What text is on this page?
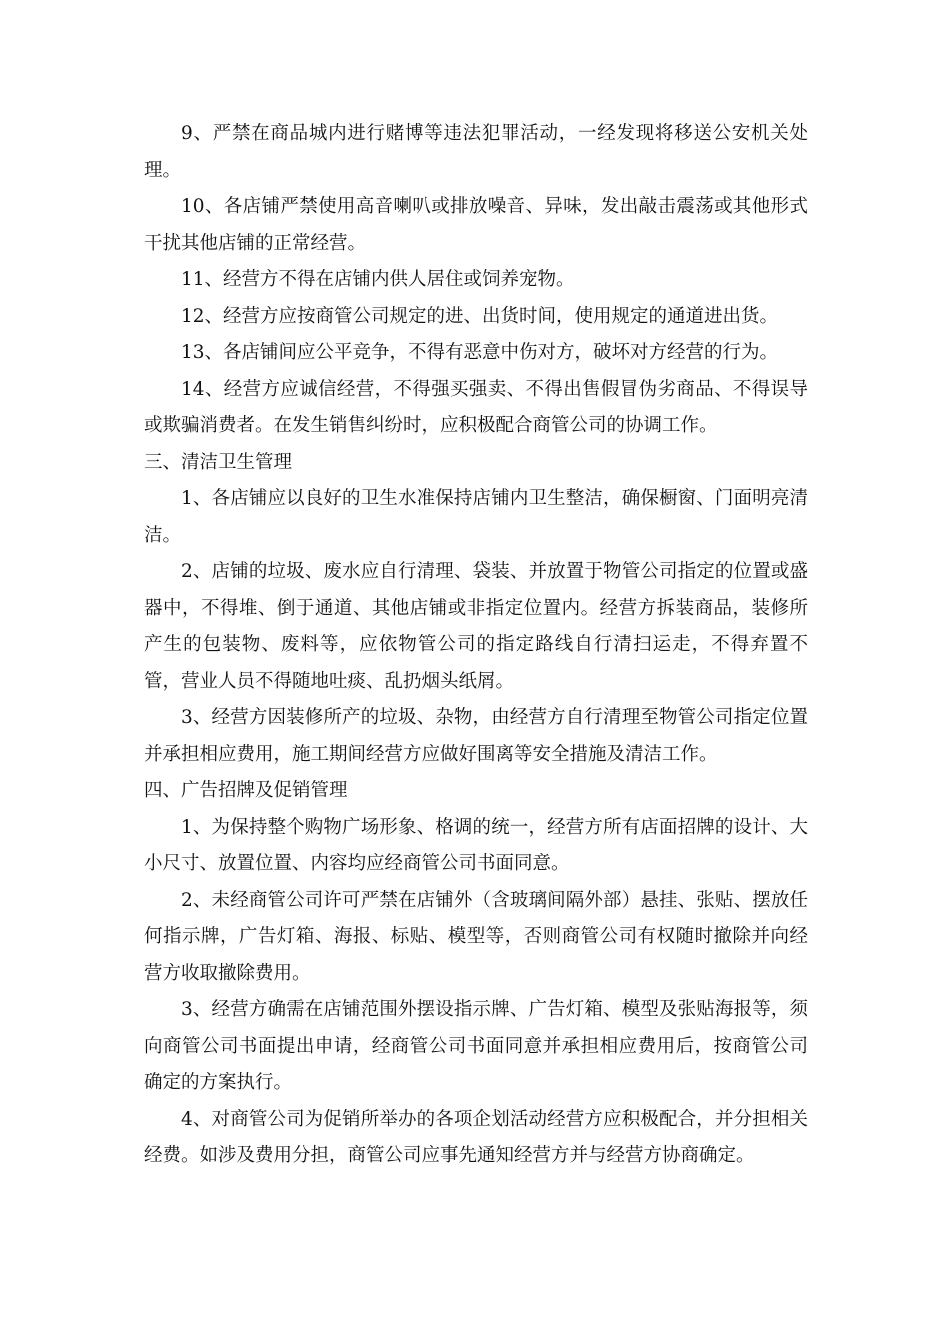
9、严禁在商品城内进行赌博等违法犯罪活动，一经发现将移送公安机关处理。

10、各店铺严禁使用高音喇叭或排放噪音、异味，发出敲击震荡或其他形式干扰其他店铺的正常经营。

11、经营方不得在店铺内供人居住或饲养宠物。

12、经营方应按商管公司规定的进、出货时间，使用规定的通道进出货。

13、各店铺间应公平竞争，不得有恶意中伤对方，破坏对方经营的行为。

14、经营方应诚信经营，不得强买强卖、不得出售假冒伪劣商品、不得误导或欺骗消费者。在发生销售纠纷时，应积极配合商管公司的协调工作。

三、清洁卫生管理

1、各店铺应以良好的卫生水准保持店铺内卫生整洁，确保橱窗、门面明亮清洁。

2、店铺的垃圾、废水应自行清理、袋装、并放置于物管公司指定的位置或盛器中，不得堆、倒于通道、其他店铺或非指定位置内。经营方拆装商品，装修所产生的包装物、废料等，应依物管公司的指定路线自行清扫运走，不得弃置不管，营业人员不得随地吐痰、乱扔烟头纸屑。

3、经营方因装修所产的垃圾、杂物，由经营方自行清理至物管公司指定位置并承担相应费用，施工期间经营方应做好围离等安全措施及清洁工作。

四、广告招牌及促销管理

1、为保持整个购物广场形象、格调的统一，经营方所有店面招牌的设计、大小尺寸、放置位置、内容均应经商管公司书面同意。

2、未经商管公司许可严禁在店铺外（含玻璃间隔外部）悬挂、张贴、摆放任何指示牌，广告灯箱、海报、标贴、模型等，否则商管公司有权随时撤除并向经营方收取撤除费用。

3、经营方确需在店铺范围外摆设指示牌、广告灯箱、模型及张贴海报等，须向商管公司书面提出申请，经商管公司书面同意并承担相应费用后，按商管公司确定的方案执行。

4、对商管公司为促销所举办的各项企划活动经营方应积极配合，并分担相关经费。如涉及费用分担，商管公司应事先通知经营方并与经营方协商确定。
